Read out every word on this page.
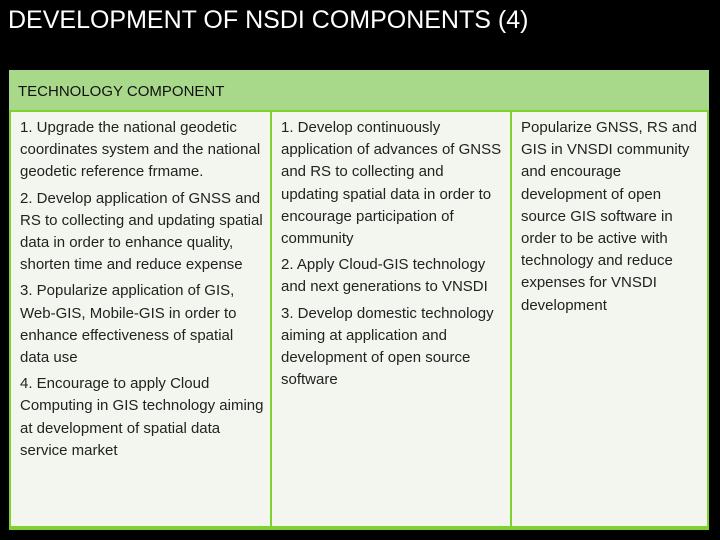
DEVELOPMENT OF NSDI COMPONENTS (4)
TECHNOLOGY COMPONENT

1. Upgrade the national geodetic coordinates system and the national geodetic reference frmame.

2. Develop application of GNSS and RS to collecting and updating spatial data in order to enhance quality, shorten time and reduce expense

3. Popularize application of GIS, Web-GIS, Mobile-GIS in order to enhance effectiveness of spatial data use

4. Encourage to apply Cloud Computing in GIS technology aiming at development of spatial data service market

1. Develop continuously application of advances of GNSS and RS to collecting and updating spatial data in order to encourage participation of community

2. Apply Cloud-GIS technology and next generations to VNSDI

3. Develop domestic technology aiming at application and development of open source software

Popularize GNSS, RS and GIS in VNSDI community and encourage development of open source GIS software in order to be active with technology and reduce expenses for VNSDI development
